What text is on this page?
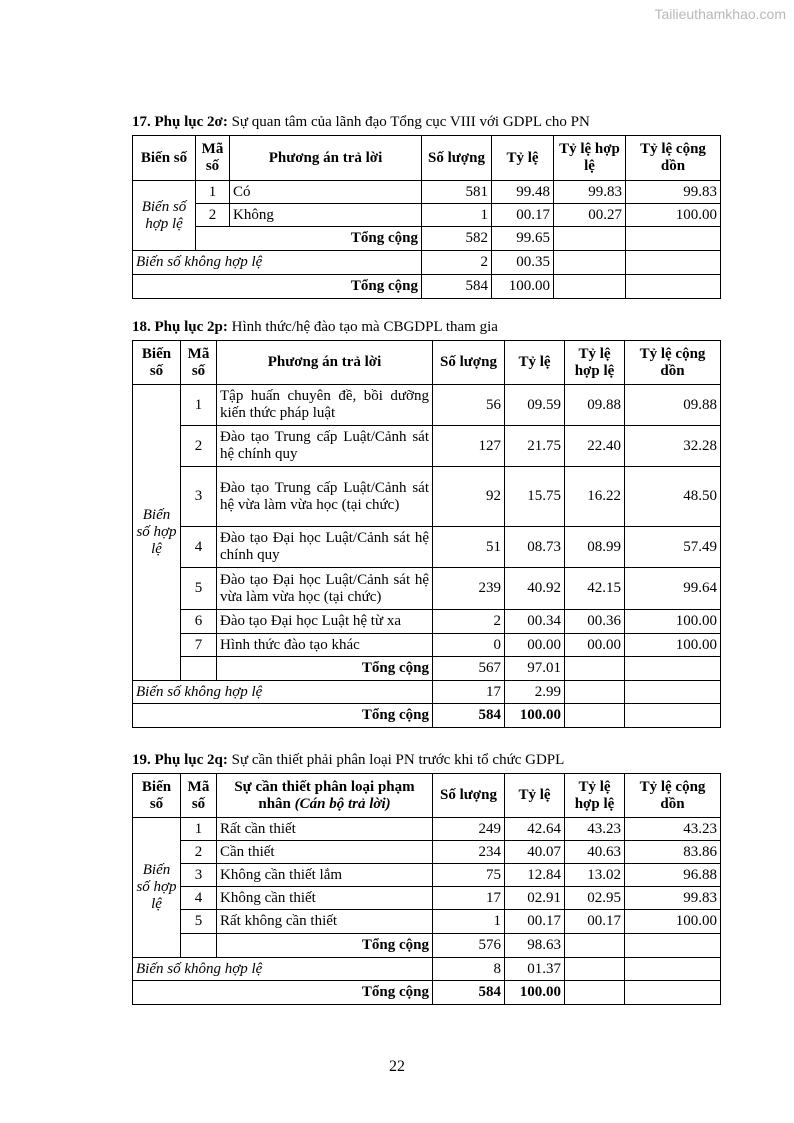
Tailieuthamkhao.com
17. Phụ lục 2ơ: Sự quan tâm của lãnh đạo Tổng cục VIII với GDPL cho PN
Biến số	Mã số	Phương án trả lời	Số lượng	Tỷ lệ	Tỷ lệ hợp lệ	Tỷ lệ cộng dồn
Biến số hợp lệ	1	Có	581	99.48	99.83	99.83
	2	Không	1	00.17	00.27	100.00
	Tổng cộng		582	99.65		
Biến số không hợp lệ			2	00.35		
Tổng cộng			584	100.00		
18. Phụ lục 2p: Hình thức/hệ đào tạo mà CBGDPL tham gia
Biến số	Mã số	Phương án trả lời	Số lượng	Tỷ lệ	Tỷ lệ hợp lệ	Tỷ lệ cộng dồn
Biến số hợp lệ	1	Tập huấn chuyên đề, bồi dưỡng kiến thức pháp luật	56	09.59	09.88	09.88
	2	Đào tạo Trung cấp Luật/Cảnh sát hệ chính quy	127	21.75	22.40	32.28
	3	Đào tạo Trung cấp Luật/Cảnh sát hệ vừa làm vừa học (tại chức)	92	15.75	16.22	48.50
	4	Đào tạo Đại học Luật/Cảnh sát hệ chính quy	51	08.73	08.99	57.49
	5	Đào tạo Đại học Luật/Cảnh sát hệ vừa làm vừa học (tại chức)	239	40.92	42.15	99.64
	6	Đào tạo Đại học Luật hệ từ xa	2	00.34	00.36	100.00
	7	Hình thức đào tạo khác	0	00.00	00.00	100.00
		Tổng cộng	567	97.01		
Biến số không hợp lệ			17	2.99		
Tổng cộng			584	100.00		
19. Phụ lục 2q: Sự cần thiết phải phân loại PN trước khi tổ chức GDPL
Biến số	Mã số	Sự cần thiết phân loại phạm nhân (Cán bộ trả lời)	Số lượng	Tỷ lệ	Tỷ lệ hợp lệ	Tỷ lệ cộng dồn
Biến số hợp lệ	1	Rất cần thiết	249	42.64	43.23	43.23
	2	Cần thiết	234	40.07	40.63	83.86
	3	Không cần thiết lắm	75	12.84	13.02	96.88
	4	Không cần thiết	17	02.91	02.95	99.83
	5	Rất không cần thiết	1	00.17	00.17	100.00
		Tổng cộng	576	98.63		
Biến số không hợp lệ			8	01.37		
Tổng cộng			584	100.00		
22
